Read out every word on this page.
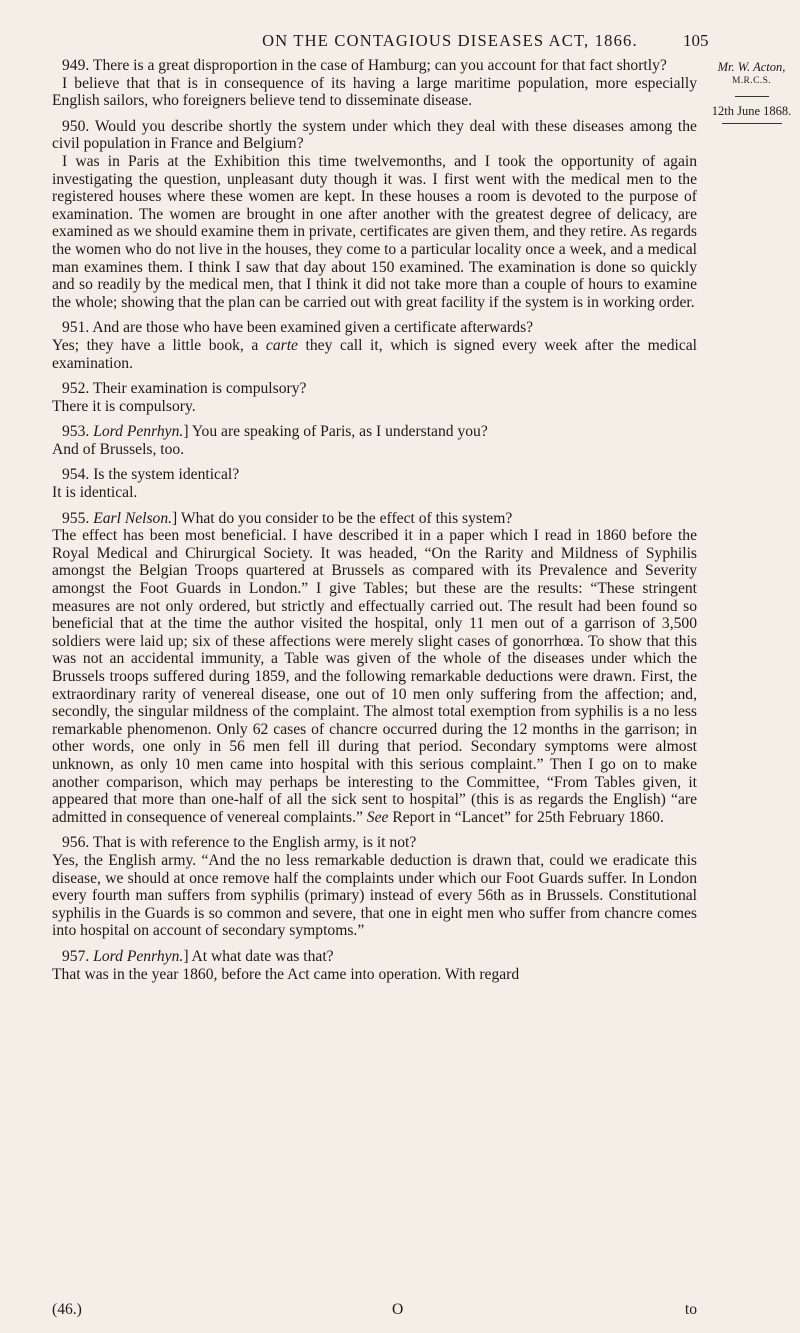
ON THE CONTAGIOUS DISEASES ACT, 1866.	105
Mr. W. Acton,
M.R.C.S.
12th June 1868.
949. There is a great disproportion in the case of Hamburg; can you account for that fact shortly?
I believe that that is in consequence of its having a large maritime population, more especially English sailors, who foreigners believe tend to disseminate disease.
950. Would you describe shortly the system under which they deal with these diseases among the civil population in France and Belgium?
I was in Paris at the Exhibition this time twelvemonths, and I took the opportunity of again investigating the question, unpleasant duty though it was. I first went with the medical men to the registered houses where these women are kept. In these houses a room is devoted to the purpose of examination. The women are brought in one after another with the greatest degree of delicacy, are examined as we should examine them in private, certificates are given them, and they retire. As regards the women who do not live in the houses, they come to a particular locality once a week, and a medical man examines them. I think I saw that day about 150 examined. The examination is done so quickly and so readily by the medical men, that I think it did not take more than a couple of hours to examine the whole; showing that the plan can be carried out with great facility if the system is in working order.
951. And are those who have been examined given a certificate afterwards?
Yes; they have a little book, a carte they call it, which is signed every week after the medical examination.
952. Their examination is compulsory?
There it is compulsory.
953. Lord Penrhyn.] You are speaking of Paris, as I understand you?
And of Brussels, too.
954. Is the system identical?
It is identical.
955. Earl Nelson.] What do you consider to be the effect of this system?
The effect has been most beneficial. I have described it in a paper which I read in 1860 before the Royal Medical and Chirurgical Society. It was headed, “On the Rarity and Mildness of Syphilis amongst the Belgian Troops quartered at Brussels as compared with its Prevalence and Severity amongst the Foot Guards in London.” I give Tables; but these are the results: “These stringent measures are not only ordered, but strictly and effectually carried out. The result had been found so beneficial that at the time the author visited the hospital, only 11 men out of a garrison of 3,500 soldiers were laid up; six of these affections were merely slight cases of gonorrhœa. To show that this was not an accidental immunity, a Table was given of the whole of the diseases under which the Brussels troops suffered during 1859, and the following remarkable deductions were drawn. First, the extraordinary rarity of venereal disease, one out of 10 men only suffering from the affection; and, secondly, the singular mildness of the complaint. The almost total exemption from syphilis is a no less remarkable phenomenon. Only 62 cases of chancre occurred during the 12 months in the garrison; in other words, one only in 56 men fell ill during that period. Secondary symptoms were almost unknown, as only 10 men came into hospital with this serious complaint.” Then I go on to make another comparison, which may perhaps be interesting to the Committee, “From Tables given, it appeared that more than one-half of all the sick sent to hospital” (this is as regards the English) “are admitted in consequence of venereal complaints.” See Report in “Lancet” for 25th February 1860.
956. That is with reference to the English army, is it not?
Yes, the English army. “And the no less remarkable deduction is drawn that, could we eradicate this disease, we should at once remove half the complaints under which our Foot Guards suffer. In London every fourth man suffers from syphilis (primary) instead of every 56th as in Brussels. Constitutional syphilis in the Guards is so common and severe, that one in eight men who suffer from chancre comes into hospital on account of secondary symptoms.”
957. Lord Penrhyn.] At what date was that?
That was in the year 1860, before the Act came into operation. With regard
(46.)	O	to
